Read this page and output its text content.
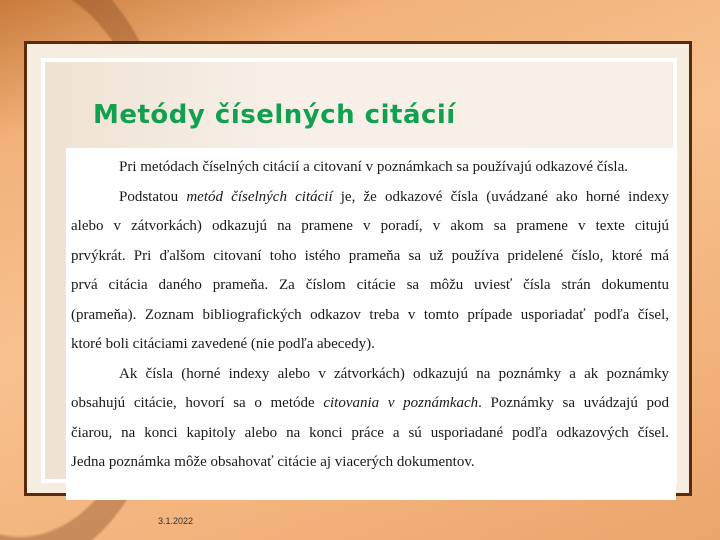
Metódy číselných citácií
Pri metódach číselných citácií a citovaní v poznámkach sa používajú odkazové čísla.
Podstatou metód číselných citácií je, že odkazové čísla (uvádzané ako horné indexy
alebo v zátvorkách) odkazujú na pramene v poradí, v akom sa pramene v texte citujú
prvýkrát. Pri ďalšom citovaní toho istého prameňa sa už používa pridelené číslo, ktoré má
prvá citácia daného prameňa. Za číslom citácie sa môžu uviesť čísla strán dokumentu
(prameňa). Zoznam bibliografických odkazov treba v tomto prípade usporiadať podľa čísel,
ktoré boli citáciami zavedené (nie podľa abecedy).
Ak čísla (horné indexy alebo v zátvorkách) odkazujú na poznámky a ak poznámky
obsahujú citácie, hovorí sa o metóde citovania v poznámkach. Poznámky sa uvádzajú pod
čiarou, na konci kapitoly alebo na konci práce a sú usporiadané podľa odkazových čísel.
Jedna poznámka môže obsahovať citácie aj viacerých dokumentov.
3.1.2022
